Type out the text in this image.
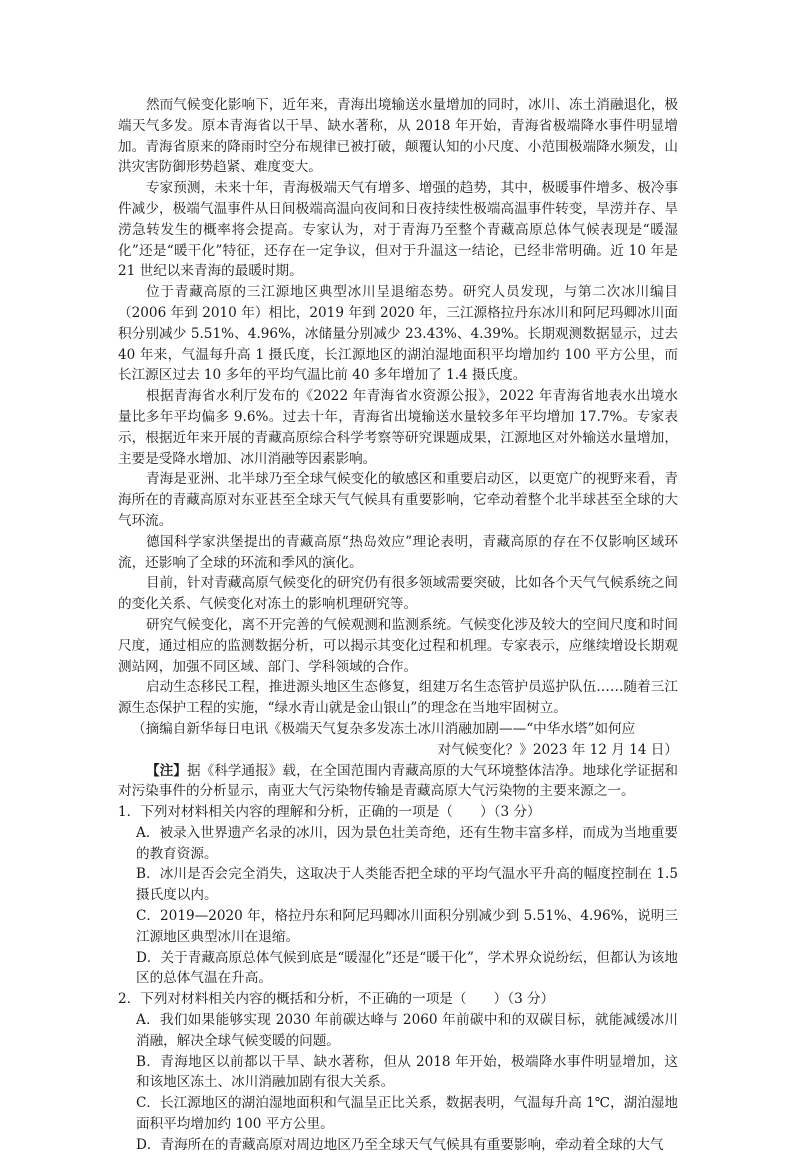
然而气候变化影响下，近年来，青海出境输送水量增加的同时，冰川、冻土消融退化，极端天气多发。原本青海省以干旱、缺水著称，从 2018 年开始，青海省极端降水事件明显增加。青海省原来的降雨时空分布规律已被打破，颠覆认知的小尺度、小范围极端降水频发，山洪灾害防御形势趋紧、难度变大。

专家预测，未来十年，青海极端天气有增多、增强的趋势，其中，极暖事件增多、极冷事件减少，极端气温事件从日间极端高温向夜间和日夜持续性极端高温事件转变，旱涝并存、旱涝急转发生的概率将会提高。专家认为，对于青海乃至整个青藏高原总体气候表现是“暖湿化”还是“暖干化”特征，还存在一定争议，但对于升温这一结论，已经非常明确。近 10 年是 21 世纪以来青海的最暖时期。

位于青藏高原的三江源地区典型冰川呈退缩态势。研究人员发现，与第二次冰川编目（2006 年到 2010 年）相比，2019 年到 2020 年，三江源格拉丹东冰川和阿尼玛卿冰川面积分别减少 5.51%、4.96%，冰储量分别减少 23.43%、4.39%。长期观测数据显示，过去 40 年来，气温每升高 1 摄氏度，长江源地区的湖泊湿地面积平均增加约 100 平方公里，而长江源区过去 10 多年的平均气温比前 40 多年增加了 1.4 摄氏度。

根据青海省水利厅发布的《2022 年青海省水资源公报》，2022 年青海省地表水出境水量比多年平均偏多 9.6%。过去十年，青海省出境输送水量较多年平均增加 17.7%。专家表示，根据近年来开展的青藏高原综合科学考察等研究课题成果，江源地区对外输送水量增加，主要是受降水增加、冰川消融等因素影响。

青海是亚洲、北半球乃至全球气候变化的敏感区和重要启动区，以更宽广的视野来看，青海所在的青藏高原对东亚甚至全球天气气候具有重要影响，它牵动着整个北半球甚至全球的大气环流。

德国科学家洪堡提出的青藏高原“热岛效应”理论表明，青藏高原的存在不仅影响区域环流，还影响了全球的环流和季风的演化。

目前，针对青藏高原气候变化的研究仍有很多领域需要突破，比如各个天气气候系统之间的变化关系、气候变化对冻土的影响机理研究等。

研究气候变化，离不开完善的气候观测和监测系统。气候变化涉及较大的空间尺度和时间尺度，通过相应的监测数据分析，可以揭示其变化过程和机理。专家表示，应继续增设长期观测站网，加强不同区域、部门、学科领域的合作。

启动生态移民工程，推进源头地区生态修复，组建万名生态管护员巡护队伍……随着三江源生态保护工程的实施，“绿水青山就是金山银山”的理念在当地牢固树立。

（摘编自新华每日电讯《极端天气复杂多发冻土冰川消融加剧——“中华水塔”如何应

对气候变化？》2023 年 12 月 14 日）

【注】据《科学通报》载，在全国范围内青藏高原的大气环境整体洁净。地球化学证据和对污染事件的分析显示，南亚大气污染物传输是青藏高原大气污染物的主要来源之一。

1．下列对材料相关内容的理解和分析，正确的一项是（　　）（3 分）

A．被录入世界遗产名录的冰川，因为景色壮美奇绝，还有生物丰富多样，而成为当地重要的教育资源。

B．冰川是否会完全消失，这取决于人类能否把全球的平均气温水平升高的幅度控制在 1.5 摄氏度以内。

C．2019—2020 年，格拉丹东和阿尼玛卿冰川面积分别减少到 5.51%、4.96%，说明三江源地区典型冰川在退缩。

D．关于青藏高原总体气候到底是“暖湿化”还是“暖干化”，学术界众说纷纭，但都认为该地区的总体气温在升高。

2．下列对材料相关内容的概括和分析，不正确的一项是（　　）（3 分）

A．我们如果能够实现 2030 年前碳达峰与 2060 年前碳中和的双碳目标，就能减缓冰川消融，解决全球气候变暖的问题。

B．青海地区以前都以干旱、缺水著称，但从 2018 年开始，极端降水事件明显增加，这和该地区冻土、冰川消融加剧有很大关系。

C．长江源地区的湖泊湿地面积和气温呈正比关系，数据表明，气温每升高 1℃，湖泊湿地面积平均增加约 100 平方公里。

D．青海所在的青藏高原对周边地区乃至全球天气气候具有重要影响，牵动着全球的大气
